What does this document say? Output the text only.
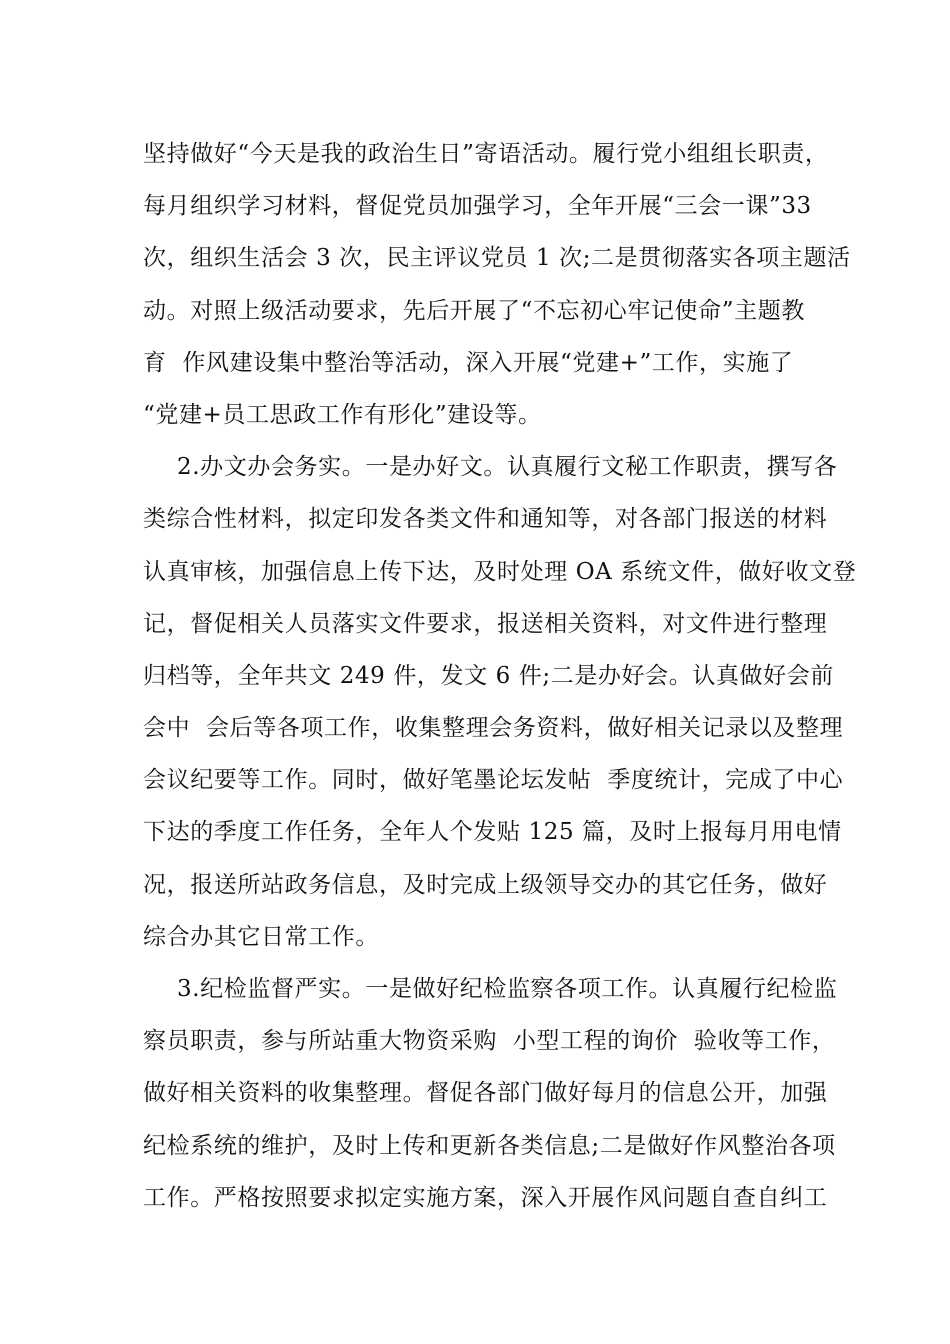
坚持做好“今天是我的政治生日”寄语活动。履行党小组组长职责，
每月组织学习材料，督促党员加强学习，全年开展“三会一课”33
次，组织生活会 3 次，民主评议党员 1 次;二是贯彻落实各项主题活
动。对照上级活动要求，先后开展了“不忘初心牢记使命”主题教
育  作风建设集中整治等活动，深入开展“党建+”工作，实施了
“党建+员工思政工作有形化”建设等。
2.办文办会务实。一是办好文。认真履行文秘工作职责，撰写各
类综合性材料，拟定印发各类文件和通知等，对各部门报送的材料
认真审核，加强信息上传下达，及时处理 OA 系统文件，做好收文登
记，督促相关人员落实文件要求，报送相关资料，对文件进行整理
归档等，全年共文 249 件，发文 6 件;二是办好会。认真做好会前
会中  会后等各项工作，收集整理会务资料，做好相关记录以及整理
会议纪要等工作。同时，做好笔墨论坛发帖  季度统计，完成了中心
下达的季度工作任务，全年人个发贴 125 篇，及时上报每月用电情
况，报送所站政务信息，及时完成上级领导交办的其它任务，做好
综合办其它日常工作。
3.纪检监督严实。一是做好纪检监察各项工作。认真履行纪检监
察员职责，参与所站重大物资采购  小型工程的询价  验收等工作，
做好相关资料的收集整理。督促各部门做好每月的信息公开，加强
纪检系统的维护，及时上传和更新各类信息;二是做好作风整治各项
工作。严格按照要求拟定实施方案，深入开展作风问题自查自纠工
